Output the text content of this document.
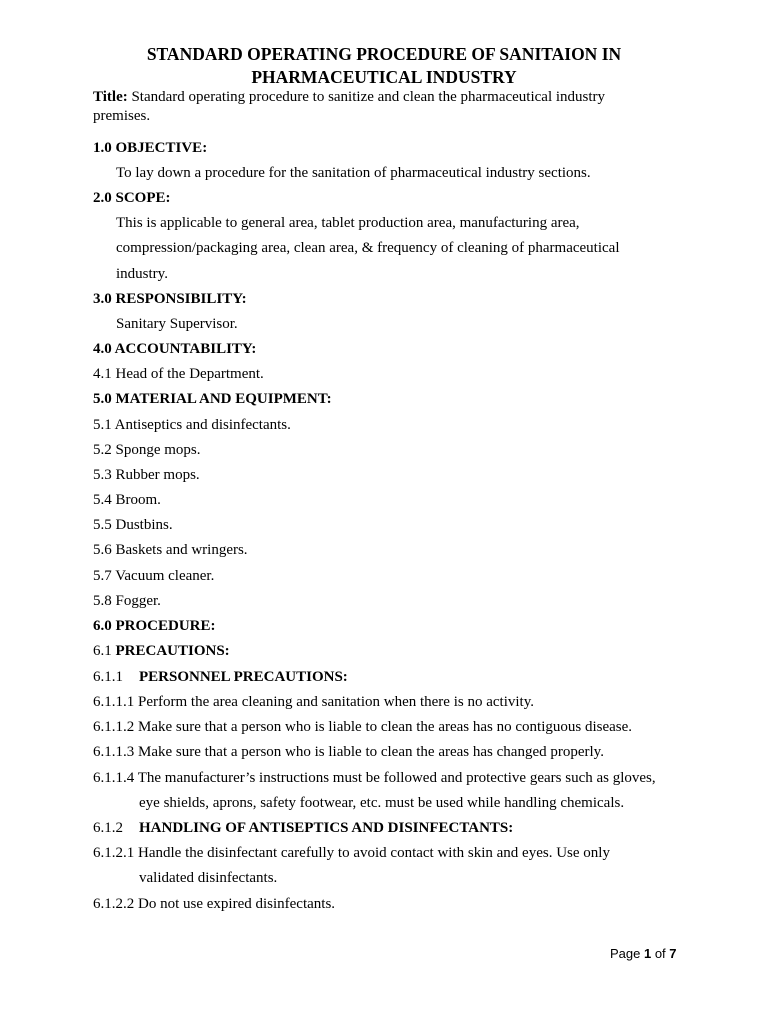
STANDARD OPERATING PROCEDURE OF SANITAION IN
PHARMACEUTICAL INDUSTRY

Title: Standard operating procedure to sanitize and clean the pharmaceutical industry

premises.

1.0 OBJECTIVE:

To lay down a procedure for the sanitation of pharmaceutical industry sections.

2.0 SCOPE:

This is applicable to general area, tablet production area, manufacturing area,

compression/packaging area, clean area, & frequency of cleaning of pharmaceutical

industry.

3.0 RESPONSIBILITY:

Sanitary Supervisor.

4.0 ACCOUNTABILITY:

4.1 Head of the Department.

5.0 MATERIAL AND EQUIPMENT:

5.1 Antiseptics and disinfectants.

5.2 Sponge mops.

5.3 Rubber mops.

5.4 Broom.

5.5 Dustbins.

5.6 Baskets and wringers.

5.7 Vacuum cleaner.

5.8 Fogger.

6.0 PROCEDURE:

6.1 PRECAUTIONS:

6.1.1 PERSONNEL PRECAUTIONS:

6.1.1.1 Perform the area cleaning and sanitation when there is no activity.

6.1.1.2 Make sure that a person who is liable to clean the areas has no contiguous disease.

6.1.1.3 Make sure that a person who is liable to clean the areas has changed properly.

6.1.1.4 The manufacturer’s instructions must be followed and protective gears such as gloves,

eye shields, aprons, safety footwear, etc. must be used while handling chemicals.

6.1.2 HANDLING OF ANTISEPTICS AND DISINFECTANTS:

6.1.2.1 Handle the disinfectant carefully to avoid contact with skin and eyes. Use only

validated disinfectants.

6.1.2.2 Do not use expired disinfectants.

Page 1 of 7
